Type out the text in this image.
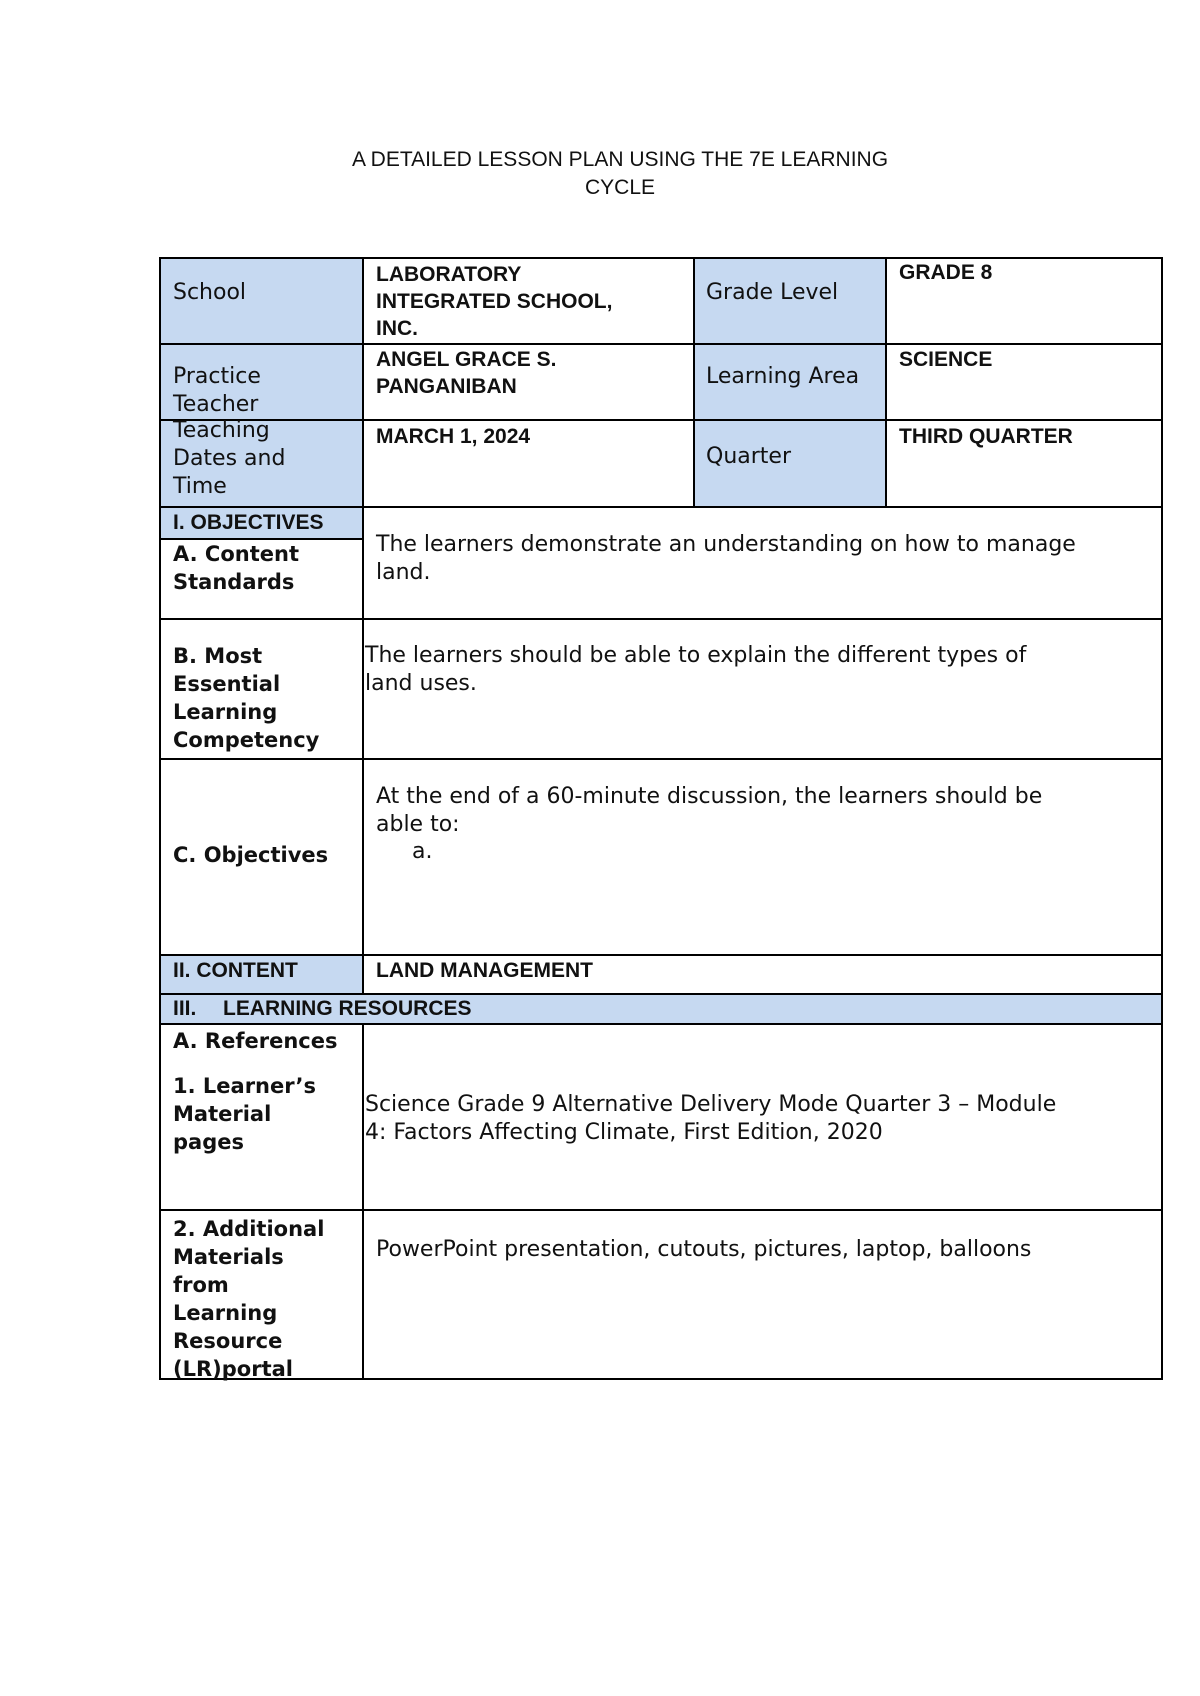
A DETAILED LESSON PLAN USING THE 7E LEARNING
CYCLE
School
LABORATORY
INTEGRATED SCHOOL,
INC.
Grade Level
GRADE 8
Practice
Teacher
ANGEL GRACE S.
PANGANIBAN	Learning Area
SCIENCE
Teaching
Dates and
Time
MARCH 1, 2024
Quarter
THIRD QUARTER
I. OBJECTIVES
A. Content
Standards
The learners demonstrate an understanding on how to manage
land.
B. Most
Essential
Learning
Competency
The learners should be able to explain the different types of
land uses.
C. Objectives
At the end of a 60-minute discussion, the learners should be
able to:
a.
II. CONTENT	LAND MANAGEMENT
III. LEARNING RESOURCES
A. References
1. Learner’s
Material
pages
Science Grade 9 Alternative Delivery Mode Quarter 3 – Module
4: Factors Affecting Climate, First Edition, 2020
2. Additional
Materials
from
Learning
Resource
(LR)portal
PowerPoint presentation, cutouts, pictures, laptop, balloons
